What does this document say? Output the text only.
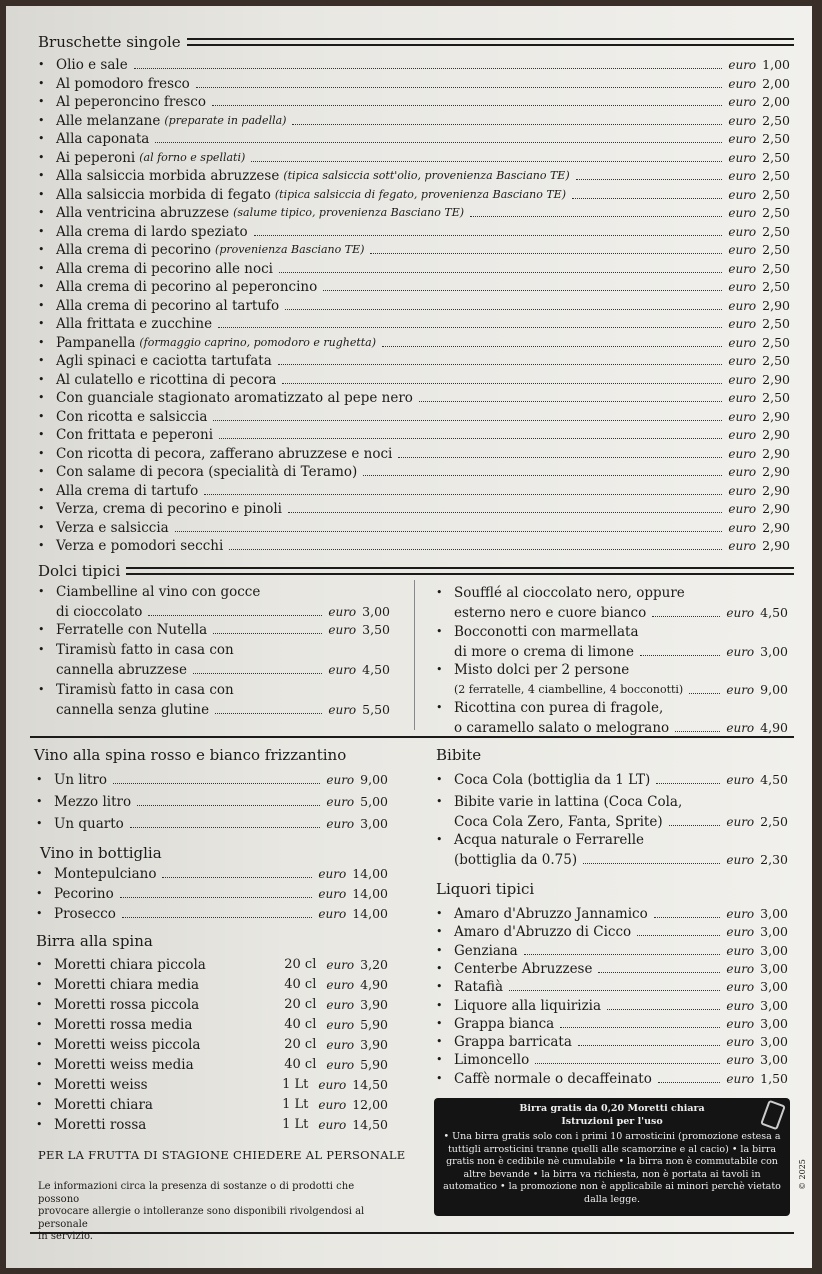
Bruschette singole
• Olio e sale	euro 1,00
• Al pomodoro fresco	euro 2,00
• Al peperoncino fresco	euro 2,00
• Alle melanzane (preparate in padella)	euro 2,50
• Alla caponata	euro 2,50
• Ai peperoni (al forno e spellati)	euro 2,50
• Alla salsiccia morbida abruzzese (tipica salsiccia sott'olio, provenienza Basciano TE)	euro 2,50
• Alla salsiccia morbida di fegato (tipica salsiccia di fegato, provenienza Basciano TE)	euro 2,50
• Alla ventricina abruzzese (salume tipico, provenienza Basciano TE)	euro 2,50
• Alla crema di lardo speziato	euro 2,50
• Alla crema di pecorino (provenienza Basciano TE)	euro 2,50
• Alla crema di pecorino alle noci	euro 2,50
• Alla crema di pecorino al peperoncino	euro 2,50
• Alla crema di pecorino al tartufo	euro 2,90
• Alla frittata e zucchine	euro 2,50
• Pampanella (formaggio caprino, pomodoro e rughetta)	euro 2,50
• Agli spinaci e caciotta tartufata	euro 2,50
• Al culatello e ricottina di pecora	euro 2,90
• Con guanciale stagionato aromatizzato al pepe nero	euro 2,50
• Con ricotta e salsiccia	euro 2,90
• Con frittata e peperoni	euro 2,90
• Con ricotta di pecora, zafferano abruzzese e noci	euro 2,90
• Con salame di pecora (specialità di Teramo)	euro 2,90
• Alla crema di tartufo	euro 2,90
• Verza, crema di pecorino e pinoli	euro 2,90
• Verza e salsiccia	euro 2,90
• Verza e pomodori secchi	euro 2,90
Dolci tipici
• Ciambelline al vino con gocce
di cioccolato	euro 3,00
• Ferratelle con Nutella	euro 3,50
• Tiramisù fatto in casa con
cannella abruzzese	euro 4,50
• Tiramisù fatto in casa con
cannella senza glutine	euro 5,50
• Soufflé al cioccolato nero, oppure
esterno nero e cuore bianco	euro 4,50
• Bocconotti con marmellata
di more o crema di limone	euro 3,00
• Misto dolci per 2 persone
(2 ferratelle, 4 ciambelline, 4 bocconotti)	euro 9,00
• Ricottina con purea di fragole,
o caramello salato o melograno	euro 4,90
Vino alla spina rosso e bianco frizzantino
• Un litro	euro 9,00
• Mezzo litro	euro 5,00
• Un quarto	euro 3,00
Vino in bottiglia
• Montepulciano	euro 14,00
• Pecorino	euro 14,00
• Prosecco	euro 14,00
Birra alla spina
• Moretti chiara piccola	20 cl euro 3,20
• Moretti chiara media	40 cl euro 4,90
• Moretti rossa piccola	20 cl euro 3,90
• Moretti rossa media	40 cl euro 5,90
• Moretti weiss piccola	20 cl euro 3,90
• Moretti weiss media	40 cl euro 5,90
• Moretti weiss	1 Lt euro 14,50
• Moretti chiara	1 Lt euro 12,00
• Moretti rossa	1 Lt euro 14,50
Bibite
• Coca Cola (bottiglia da 1 LT)	euro 4,50
• Bibite varie in lattina (Coca Cola,
Coca Cola Zero, Fanta, Sprite)	euro 2,50
• Acqua naturale o Ferrarelle
(bottiglia da 0.75)	euro 2,30
Liquori tipici
• Amaro d'Abruzzo Jannamico	euro 3,00
• Amaro d'Abruzzo di Cicco	euro 3,00
• Genziana	euro 3,00
• Centerbe Abruzzese	euro 3,00
• Ratafià	euro 3,00
• Liquore alla liquirizia	euro 3,00
• Grappa bianca	euro 3,00
• Grappa barricata	euro 3,00
• Limoncello	euro 3,00
• Caffè normale o decaffeinato	euro 1,50
PER LA FRUTTA DI STAGIONE CHIEDERE AL PERSONALE
Le informazioni circa la presenza di sostanze o di prodotti che possono
provocare allergie o intolleranze sono disponibili rivolgendosi al personale
in servizio.
Birra gratis da 0,20 Moretti chiara
Istruzioni per l'uso
• Una birra gratis solo con i primi 10 arrosticini (promozione estesa a tuttigli arrosticini tranne quelli alle scamorzine e al cacio) • la birra gratis non è cedibile nè cumulabile • la birra non è commutabile con altre bevande • la birra va richiesta, non è portata ai tavoli in automatico • la promozione non è applicabile ai minori perchè vietato dalla legge.
© 2025
